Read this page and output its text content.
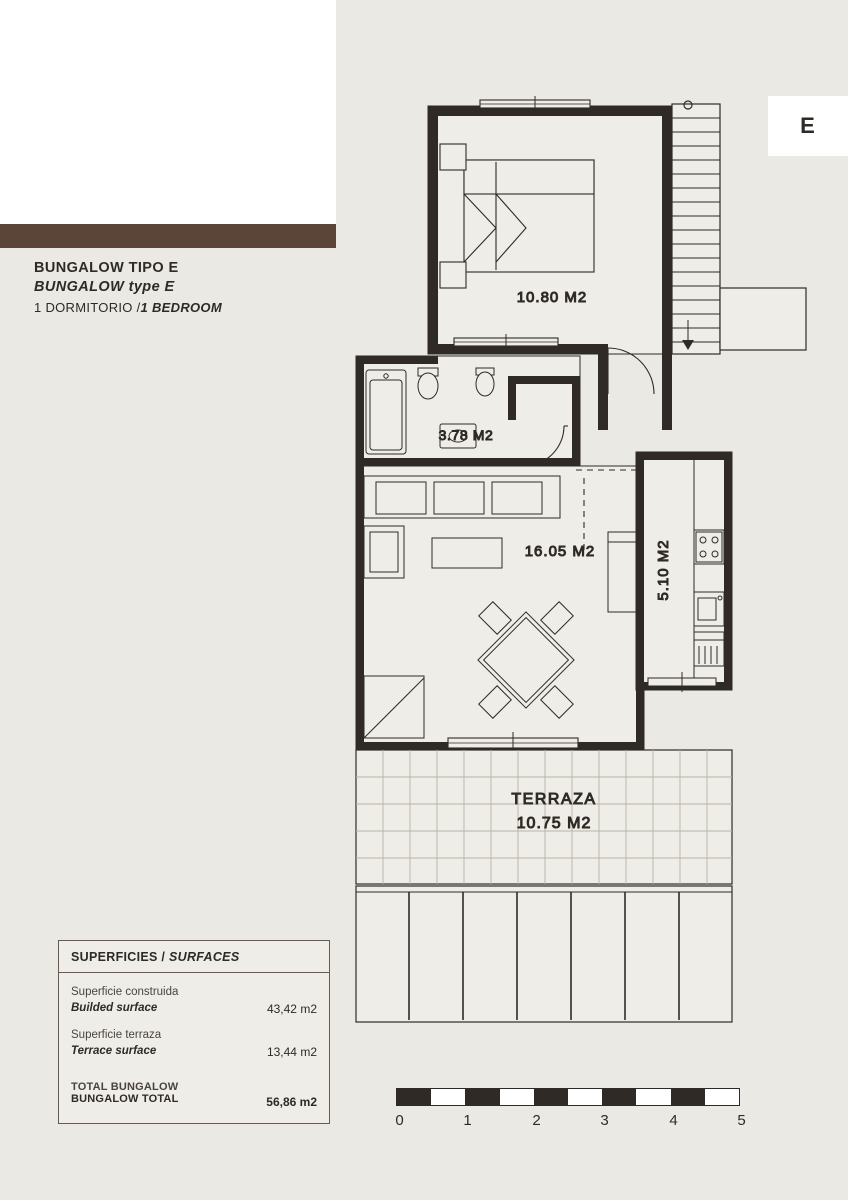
E
BUNGALOW TIPO E
BUNGALOW type E
1 DORMITORIO /1 BEDROOM
10.80 M2
3.78 M2
16.05 M2	5.10 M2
TERRAZA
10.75 M2
SUPERFICIES / SURFACES
Superficie construida
Builded surface	43,42 m2
Superficie terraza
Terrace surface	13,44 m2
TOTAL BUNGALOW
BUNGALOW TOTAL	56,86 m2
0	1	2	3	4	5
